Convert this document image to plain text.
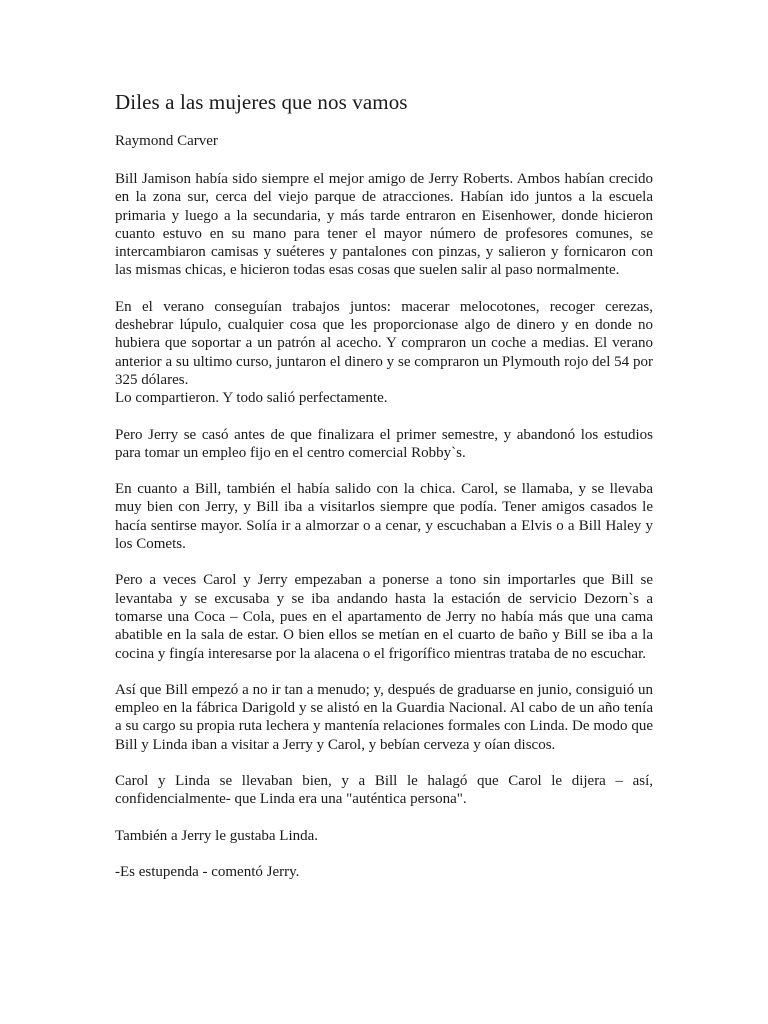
Diles a las mujeres que nos vamos

Raymond Carver

Bill Jamison había sido siempre el mejor amigo de Jerry Roberts. Ambos habían crecido en la zona sur, cerca del viejo parque de atracciones. Habían ido juntos a la escuela primaria y luego a la secundaria, y más tarde entraron en Eisenhower, donde hicieron cuanto estuvo en su mano para tener el mayor número de profesores comunes, se intercambiaron camisas y suéteres y pantalones con pinzas, y salieron y fornicaron con las mismas chicas, e hicieron todas esas cosas que suelen salir al paso normalmente.

En el verano conseguían trabajos juntos: macerar melocotones, recoger cerezas, deshebrar lúpulo, cualquier cosa que les proporcionase algo de dinero y en donde no hubiera que soportar a un patrón al acecho. Y compraron un coche a medias. El verano anterior a su ultimo curso, juntaron el dinero y se compraron un Plymouth rojo del 54 por 325 dólares.
Lo compartieron. Y todo salió perfectamente.

Pero Jerry se casó antes de que finalizara el primer semestre, y abandonó los estudios para tomar un empleo fijo en el centro comercial Robby`s.

En cuanto a Bill, también el había salido con la chica. Carol, se llamaba, y se llevaba muy bien con Jerry, y Bill iba a visitarlos siempre que podía. Tener amigos casados le hacía sentirse mayor. Solía ir a almorzar o a cenar, y escuchaban a Elvis o a Bill Haley y los Comets.

Pero a veces Carol y Jerry empezaban a ponerse a tono sin importarles que Bill se levantaba y se excusaba y se iba andando hasta la estación de servicio Dezorn`s a tomarse una Coca – Cola, pues en el apartamento de Jerry no había más que una cama abatible en la sala de estar. O bien ellos se metían en el cuarto de baño y Bill se iba a la cocina y fingía interesarse por la alacena o el frigorífico mientras trataba de no escuchar.

Así que Bill empezó a no ir tan a menudo; y, después de graduarse en junio, consiguió un empleo en la fábrica Darigold y se alistó en la Guardia Nacional. Al cabo de un año tenía a su cargo su propia ruta lechera y mantenía relaciones formales con Linda. De modo que Bill y Linda iban a visitar a Jerry y Carol, y bebían cerveza y oían discos.

Carol y Linda se llevaban bien, y a Bill le halagó que Carol le dijera – así, confidencialmente- que Linda era una "auténtica persona".

También a Jerry le gustaba Linda.

-Es estupenda - comentó Jerry.
